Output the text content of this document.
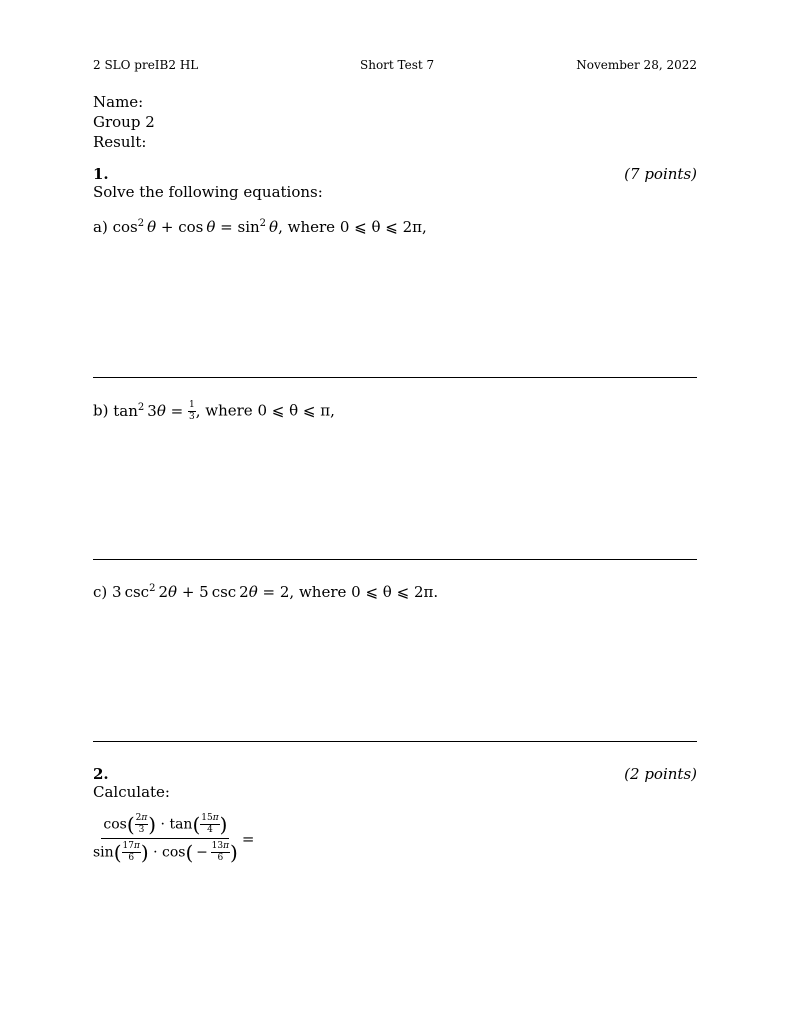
2 SLO preIB2 HL	Short Test 7	November 28, 2022
Name:
Group 2
Result:
1.	(7 points)
Solve the following equations:
a) $\cos^2 \theta + \cos \theta = \sin^2 \theta$, where 0 ⩽ θ ⩽ 2π,
b) $\tan^2 3\theta = \frac{1}{3}$ , where 0 ⩽ θ ⩽ π,
c) 3 $\csc^2 2\theta + 5$ csc 2θ = 2, where 0 ⩽ θ ⩽ 2π.
2.	(2 points)
Calculate:
$\frac{\cos( \frac{2\pi}{3} ) \cdot \tan( \frac{15\pi}{4} )}{\sin( \frac{17\pi}{6} ) \cdot \cos( - \frac{13\pi}{6} )}$ =
